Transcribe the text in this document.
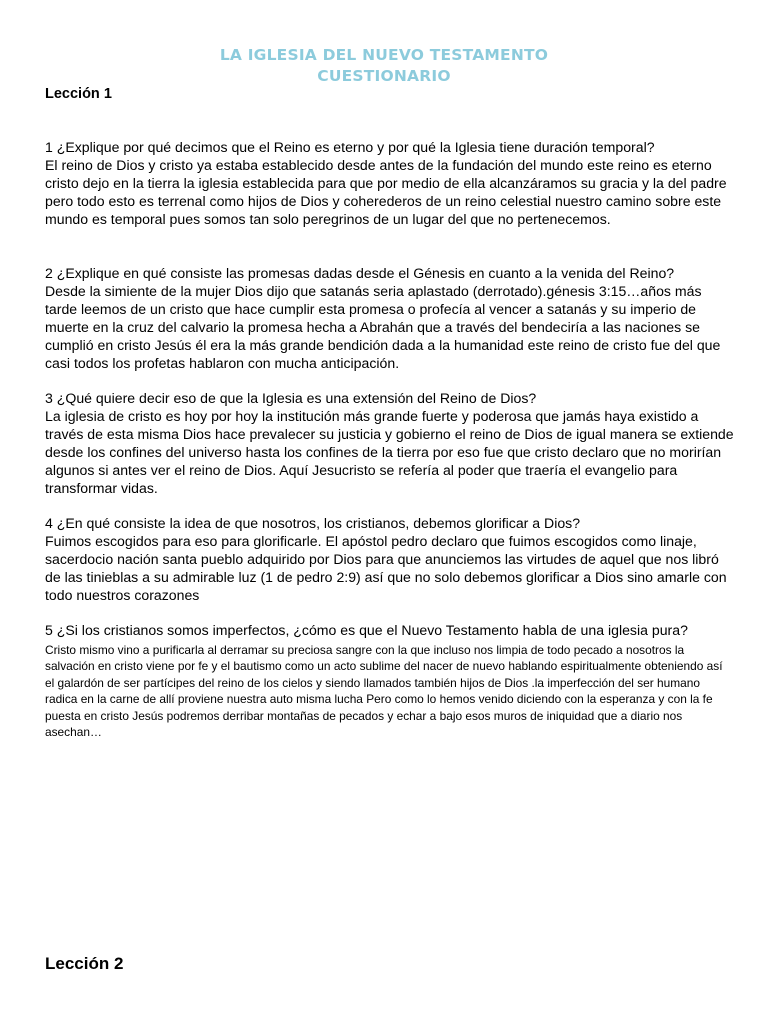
LA IGLESIA DEL NUEVO TESTAMENTO
CUESTIONARIO
Lección 1

1 ¿Explique por qué decimos que el Reino es eterno y por qué la Iglesia tiene duración temporal?

El reino de Dios y cristo ya estaba establecido desde antes de la fundación del mundo este reino es eterno cristo dejo en la tierra la iglesia establecida para que por medio de ella alcanzáramos su gracia y la del padre pero todo esto es terrenal como hijos de Dios y coherederos de un reino celestial nuestro camino sobre este mundo es temporal pues somos tan solo peregrinos de un lugar del que no pertenecemos.

2 ¿Explique en qué consiste las promesas dadas desde el Génesis en cuanto a la venida del Reino?

Desde la simiente de la mujer Dios dijo que satanás seria aplastado (derrotado).génesis 3:15…años más tarde leemos de un cristo que hace cumplir esta promesa o profecía al vencer a satanás y su imperio de muerte en la cruz del calvario la promesa hecha a Abrahán que a través del bendeciría a las naciones se cumplió en cristo Jesús él era la más grande bendición dada a la humanidad este reino de cristo fue del que casi todos los profetas hablaron con mucha anticipación.

3 ¿Qué quiere decir eso de que la Iglesia es una extensión del Reino de Dios?

La iglesia de cristo es hoy por hoy la institución más grande fuerte y poderosa que jamás haya existido a través de esta misma Dios hace prevalecer su justicia y gobierno el reino de Dios de igual manera se extiende desde los confines del universo hasta los confines de la tierra por eso fue que cristo declaro que no morirían algunos si antes ver el reino de Dios. Aquí Jesucristo se refería al poder que traería el evangelio para transformar vidas.

4 ¿En qué consiste la idea de que nosotros, los cristianos, debemos glorificar a Dios?

Fuimos escogidos para eso para glorificarle. El apóstol pedro declaro que fuimos escogidos como linaje, sacerdocio nación santa pueblo adquirido por Dios para que anunciemos las virtudes de aquel que nos libró de las tinieblas a su admirable luz (1 de pedro 2:9) así que no solo debemos glorificar a Dios sino amarle con todo nuestros corazones

5 ¿Si los cristianos somos imperfectos, ¿cómo es que el Nuevo Testamento habla de una iglesia pura?

Cristo mismo vino a purificarla al derramar su preciosa sangre con la que incluso nos limpia de todo pecado a nosotros la salvación en cristo viene por fe y el bautismo como un acto sublime del nacer de nuevo hablando espiritualmente obteniendo así el galardón de ser partícipes del reino de los cielos y siendo llamados también hijos de Dios .la imperfección del ser humano radica en la carne de allí proviene nuestra auto misma lucha Pero como lo hemos venido diciendo con la esperanza y con la fe puesta en cristo Jesús podremos derribar montañas de pecados y echar a bajo esos muros de iniquidad que a diario nos asechan…

Lección 2
